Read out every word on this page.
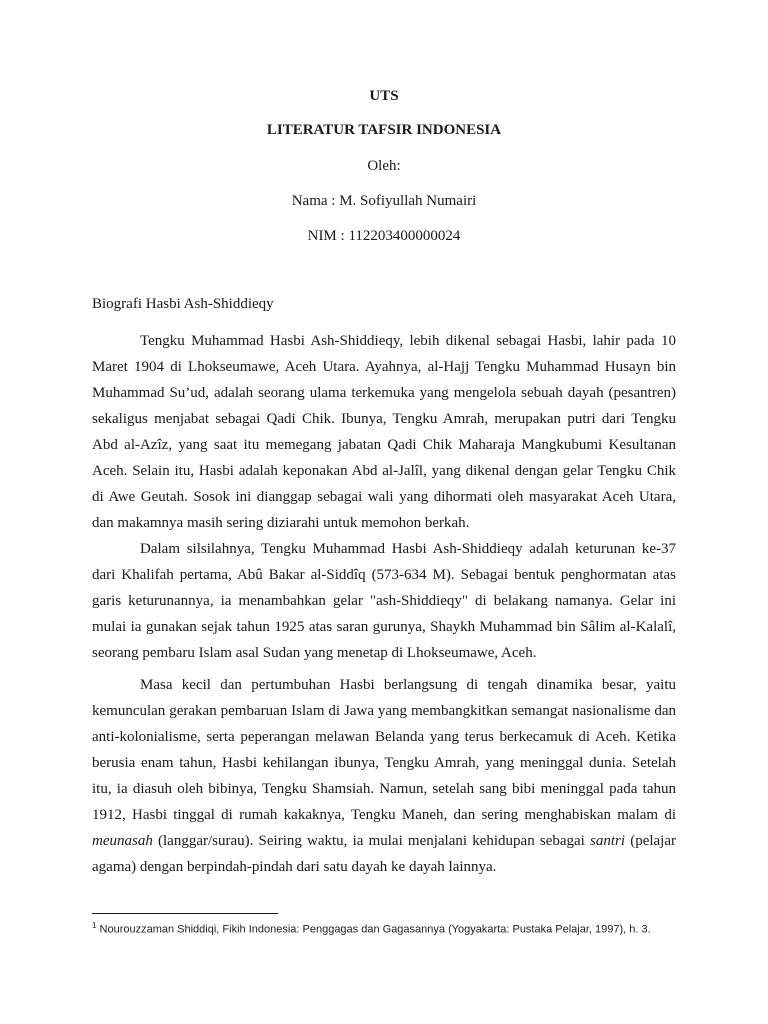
UTS

LITERATUR TAFSIR INDONESIA

Oleh:

Nama : M. Sofiyullah Numairi

NIM : 112203400000024

Biografi Hasbi Ash-Shiddieqy

Tengku Muhammad Hasbi Ash-Shiddieqy, lebih dikenal sebagai Hasbi, lahir pada 10 Maret 1904 di Lhokseumawe, Aceh Utara. Ayahnya, al-Hajj Tengku Muhammad Husayn bin Muhammad Su’ud, adalah seorang ulama terkemuka yang mengelola sebuah dayah (pesantren) sekaligus menjabat sebagai Qadi Chik. Ibunya, Tengku Amrah, merupakan putri dari Tengku Abd al-Azîz, yang saat itu memegang jabatan Qadi Chik Maharaja Mangkubumi Kesultanan Aceh. Selain itu, Hasbi adalah keponakan Abd al-Jalîl, yang dikenal dengan gelar Tengku Chik di Awe Geutah. Sosok ini dianggap sebagai wali yang dihormati oleh masyarakat Aceh Utara, dan makamnya masih sering diziarahi untuk memohon berkah.

Dalam silsilahnya, Tengku Muhammad Hasbi Ash-Shiddieqy adalah keturunan ke-37 dari Khalifah pertama, Abû Bakar al-Siddîq (573-634 M). Sebagai bentuk penghormatan atas garis keturunannya, ia menambahkan gelar "ash-Shiddieqy" di belakang namanya. Gelar ini mulai ia gunakan sejak tahun 1925 atas saran gurunya, Shaykh Muhammad bin Sâlim al-Kalalî, seorang pembaru Islam asal Sudan yang menetap di Lhokseumawe, Aceh.

Masa kecil dan pertumbuhan Hasbi berlangsung di tengah dinamika besar, yaitu kemunculan gerakan pembaruan Islam di Jawa yang membangkitkan semangat nasionalisme dan anti-kolonialisme, serta peperangan melawan Belanda yang terus berkecamuk di Aceh. Ketika berusia enam tahun, Hasbi kehilangan ibunya, Tengku Amrah, yang meninggal dunia. Setelah itu, ia diasuh oleh bibinya, Tengku Shamsiah. Namun, setelah sang bibi meninggal pada tahun 1912, Hasbi tinggal di rumah kakaknya, Tengku Maneh, dan sering menghabiskan malam di meunasah (langgar/surau). Seiring waktu, ia mulai menjalani kehidupan sebagai santri (pelajar agama) dengan berpindah-pindah dari satu dayah ke dayah lainnya.

$^1$ Nourouzzaman Shiddiqi, Fikih Indonesia: Penggagas dan Gagasannya (Yogyakarta: Pustaka Pelajar, 1997), h. 3.
